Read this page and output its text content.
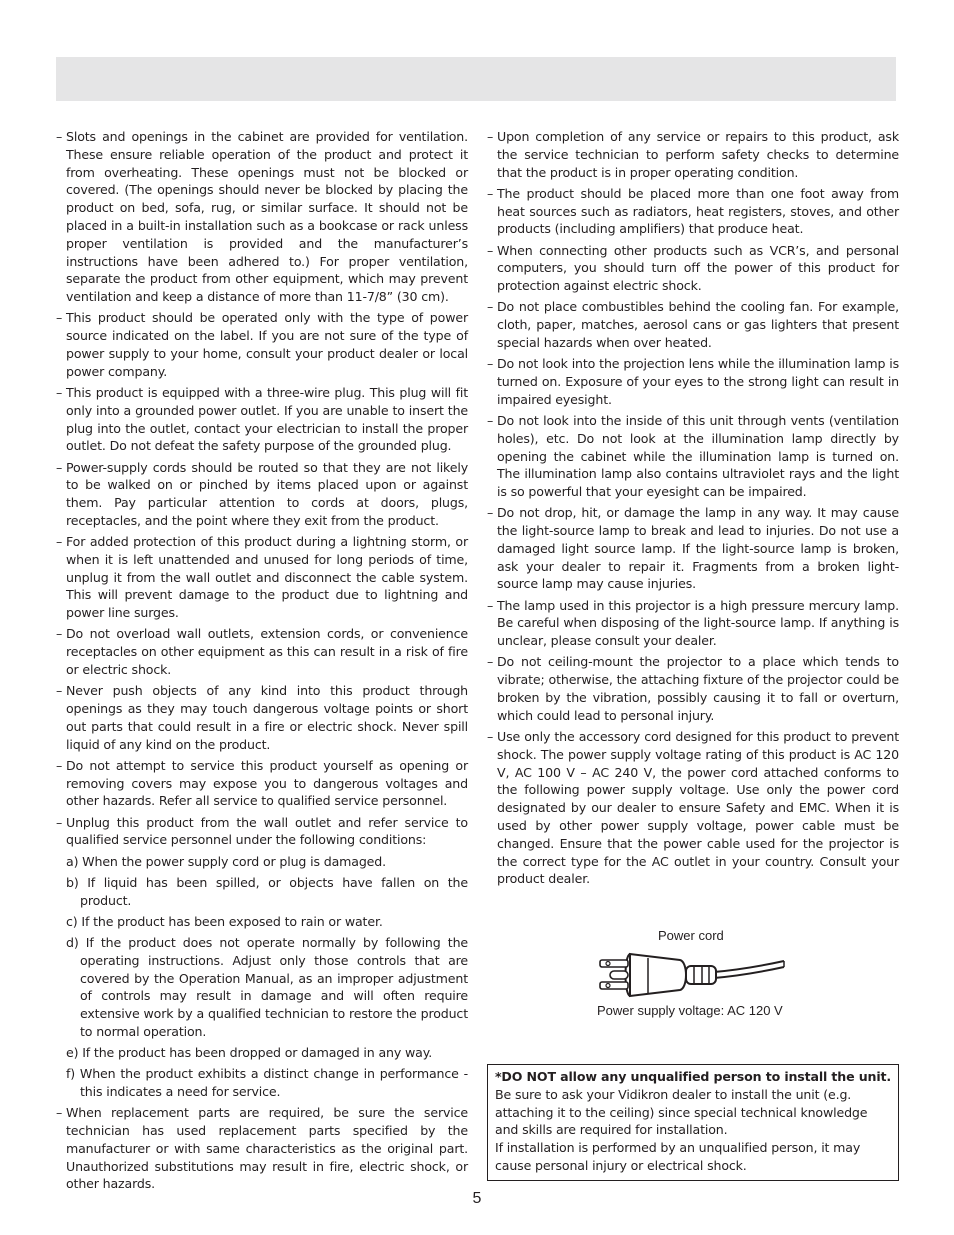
– Slots and openings in the cabinet are provided for ventilation. These ensure reliable operation of the product and protect it from overheating. These openings must not be blocked or covered. (The openings should never be blocked by placing the product on bed, sofa, rug, or similar surface. It should not be placed in a built-in installation such as a bookcase or rack unless proper ventilation is provided and the manufacturer’s instructions have been adhered to.) For proper ventilation, separate the product from other equipment, which may prevent ventilation and keep a distance of more than 11-7/8” (30 cm).
– This product should be operated only with the type of power source indicated on the label. If you are not sure of the type of power supply to your home, consult your product dealer or local power company.
– This product is equipped with a three-wire plug. This plug will fit only into a grounded power outlet. If you are unable to insert the plug into the outlet, contact your electrician to install the proper outlet. Do not defeat the safety purpose of the grounded plug.
– Power-supply cords should be routed so that they are not likely to be walked on or pinched by items placed upon or against them. Pay particular attention to cords at doors, plugs, receptacles, and the point where they exit from the product.
– For added protection of this product during a lightning storm, or when it is left unattended and unused for long periods of time, unplug it from the wall outlet and disconnect the cable system. This will prevent damage to the product due to lightning and power line surges.
– Do not overload wall outlets, extension cords, or convenience receptacles on other equipment as this can result in a risk of fire or electric shock.
– Never push objects of any kind into this product through openings as they may touch dangerous voltage points or short out parts that could result in a fire or electric shock. Never spill liquid of any kind on the product.
– Do not attempt to service this product yourself as opening or removing covers may expose you to dangerous voltages and other hazards. Refer all service to qualified service personnel.
– Unplug this product from the wall outlet and refer service to qualified service personnel under the following conditions:
a) When the power supply cord or plug is damaged.
b) If liquid has been spilled, or objects have fallen on the product.
c) If the product has been exposed to rain or water.
d) If the product does not operate normally by following the operating instructions. Adjust only those controls that are covered by the Operation Manual, as an improper adjustment of controls may result in damage and will often require extensive work by a qualified technician to restore the product to normal operation.
e) If the product has been dropped or damaged in any way.
f) When the product exhibits a distinct change in performance - this indicates a need for service.
– When replacement parts are required, be sure the service technician has used replacement parts specified by the manufacturer or with same characteristics as the original part. Unauthorized substitutions may result in fire, electric shock, or other hazards.
– Upon completion of any service or repairs to this product, ask the service technician to perform safety checks to determine that the product is in proper operating condition.
– The product should be placed more than one foot away from heat sources such as radiators, heat registers, stoves, and other products (including amplifiers) that produce heat.
– When connecting other products such as VCR’s, and personal computers, you should turn off the power of this product for protection against electric shock.
– Do not place combustibles behind the cooling fan. For example, cloth, paper, matches, aerosol cans or gas lighters that present special hazards when over heated.
– Do not look into the projection lens while the illumination lamp is turned on. Exposure of your eyes to the strong light can result in impaired eyesight.
– Do not look into the inside of this unit through vents (ventilation holes), etc. Do not look at the illumination lamp directly by opening the cabinet while the illumination lamp is turned on. The illumination lamp also contains ultraviolet rays and the light is so powerful that your eyesight can be impaired.
– Do not drop, hit, or damage the lamp in any way. It may cause the light-source lamp to break and lead to injuries. Do not use a damaged light source lamp. If the light-source lamp is broken, ask your dealer to repair it. Fragments from a broken light-source lamp may cause injuries.
– The lamp used in this projector is a high pressure mercury lamp. Be careful when disposing of the light-source lamp. If anything is unclear, please consult your dealer.
– Do not ceiling-mount the projector to a place which tends to vibrate; otherwise, the attaching fixture of the projector could be broken by the vibration, possibly causing it to fall or overturn, which could lead to personal injury.
– Use only the accessory cord designed for this product to prevent shock. The power supply voltage rating of this product is AC 120 V, AC 100 V – AC 240 V, the power cord attached conforms to the following power supply voltage. Use only the power cord designated by our dealer to ensure Safety and EMC. When it is used by other power supply voltage, power cable must be changed. Ensure that the power cable used for the projector is the correct type for the AC outlet in your country. Consult your product dealer.
Power cord
Power supply voltage: AC 120 V

*DO NOT allow any unqualified person to install the unit.

Be sure to ask your Vidikron dealer to install the unit (e.g. attaching it to the ceiling) since special technical knowledge and skills are required for installation.

If installation is performed by an unqualified person, it may cause personal injury or electrical shock.

5
